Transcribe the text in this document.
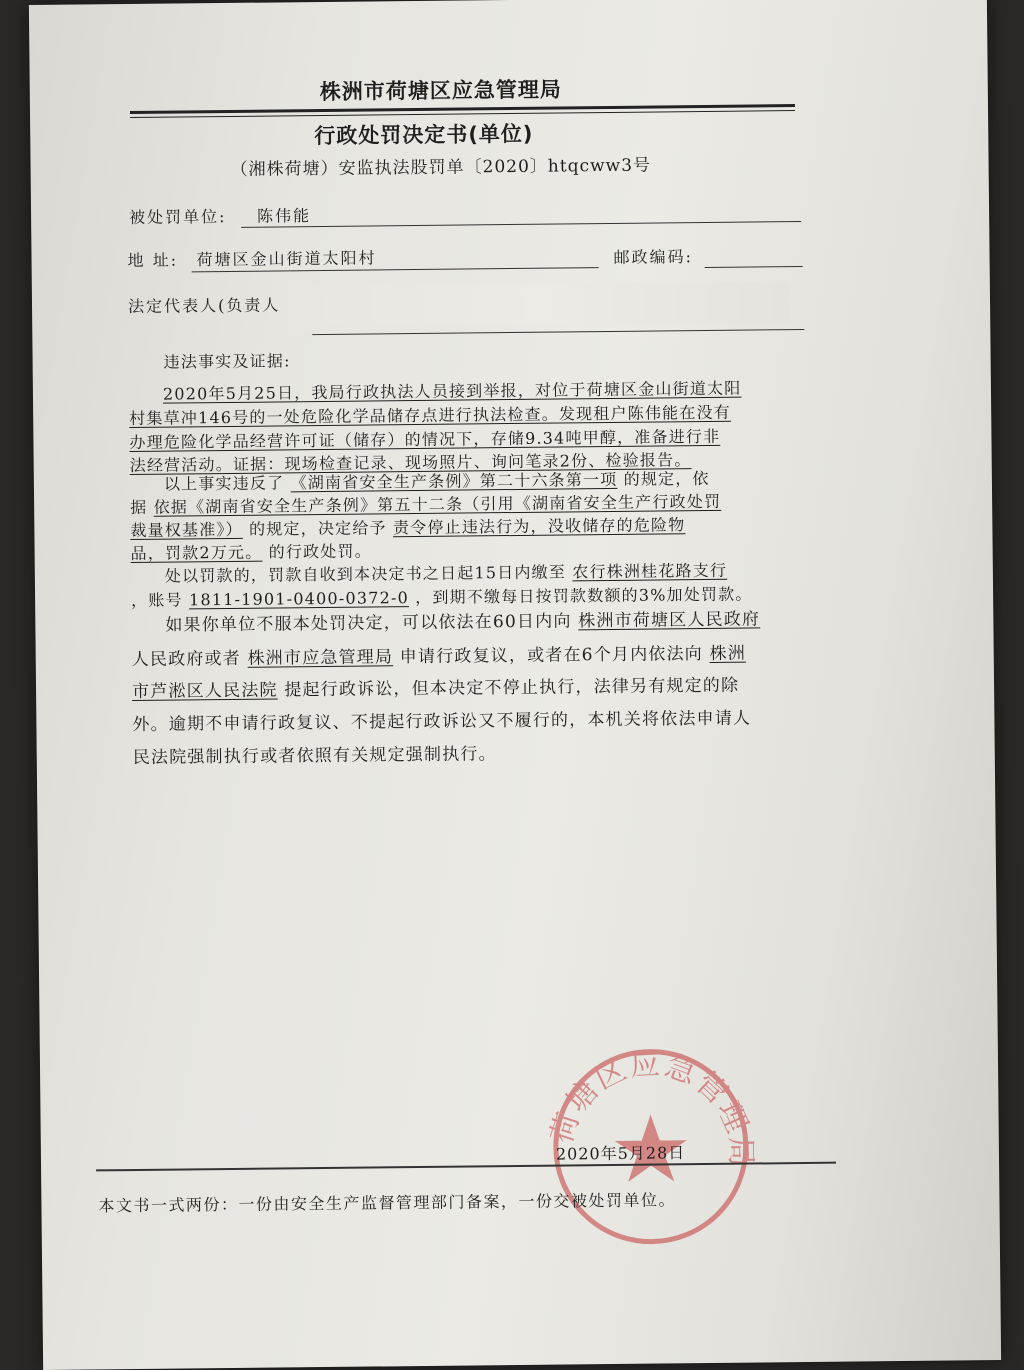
株洲市荷塘区应急管理局
行政处罚决定书(单位)
（湘株荷塘）安监执法股罚单〔2020〕htqcww3号
被处罚单位: 陈伟能
地 址: 荷塘区金山街道太阳村	邮政编码:
法定代表人(负责人
违法事实及证据:
2020年5月25日，我局行政执法人员接到举报，对位于荷塘区金山街道太阳
村集草冲146号的一处危险化学品储存点进行执法检查。发现租户陈伟能在没有
办理危险化学品经营许可证（储存）的情况下，存储9.34吨甲醇，准备进行非
法经营活动。证据：现场检查记录、现场照片、询问笔录2份、检验报告。
以上事实违反了 《湖南省安全生产条例》第二十六条第一项 的规定，依
据 依据《湖南省安全生产条例》第五十二条（引用《湖南省安全生产行政处罚
裁量权基准》） 的规定，决定给予 责令停止违法行为，没收储存的危险物
品，罚款2万元。 的行政处罚。
处以罚款的，罚款自收到本决定书之日起15日内缴至 农行株洲桂花路支行
，账号 1811-1901-0400-0372-0 ，到期不缴每日按罚款数额的3%加处罚款。
如果你单位不服本处罚决定，可以依法在60日内向 株洲市荷塘区人民政府
人民政府或者 株洲市应急管理局 申请行政复议，或者在6个月内依法向 株洲
市芦淞区人民法院 提起行政诉讼，但本决定不停止执行，法律另有规定的除
外。逾期不申请行政复议、不提起行政诉讼又不履行的，本机关将依法申请人
民法院强制执行或者依照有关规定强制执行。
荷塘区应急管理局
2020年5月28日
本文书一式两份：一份由安全生产监督管理部门备案，一份交被处罚单位。
